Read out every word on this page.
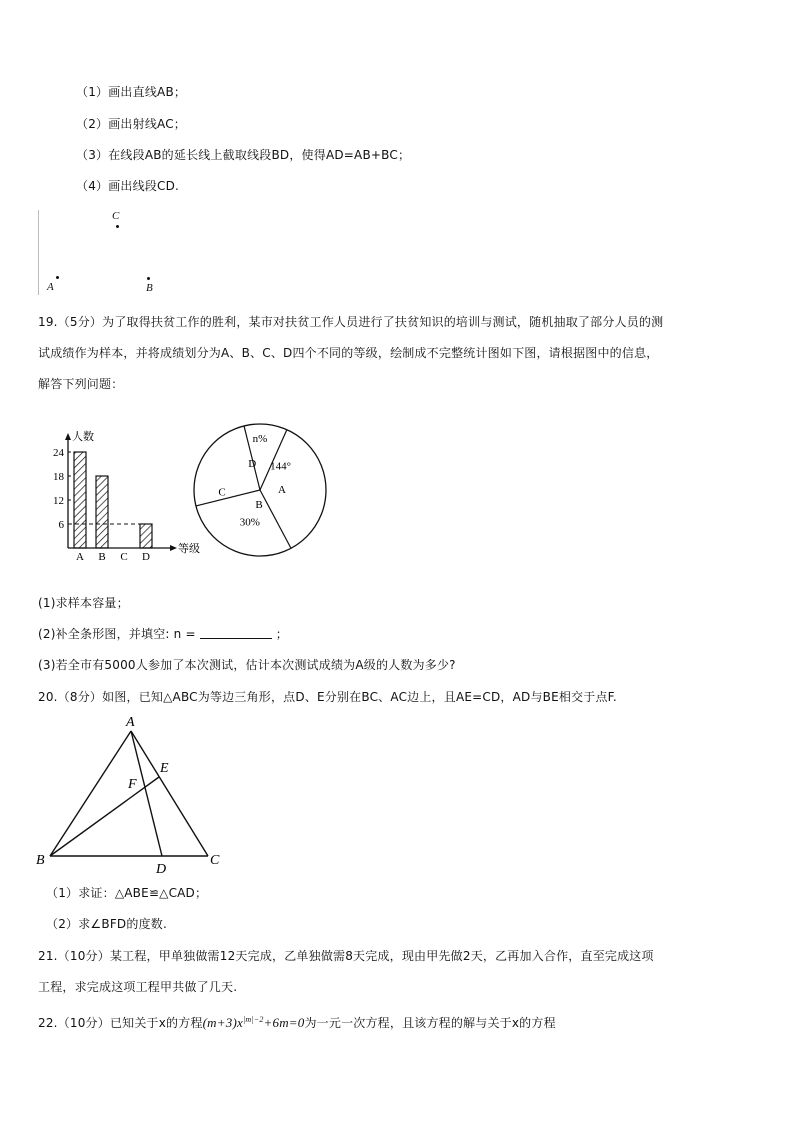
（1）画出直线AB；
（2）画出射线AC；
（3）在线段AB的延长线上截取线段BD，使得AD=AB+BC；
（4）画出线段CD.
C
A	B
19.（5分）为了取得扶贫工作的胜利，某市对扶贫工作人员进行了扶贫知识的培训与测试，随机抽取了部分人员的测
试成绩作为样本，并将成绩划分为A、B、C、D四个不同的等级，绘制成不完整统计图如下图，请根据图中的信息，
解答下列问题：
人数
等级
6
12
18
24
A B C D
A
144°
B
30%
C
D
n%
(1)求样本容量；
(2)补全条形图，并填空: n =	；
(3)若全市有5000人参加了本次测试，估计本次测试成绩为A级的人数为多少?
20.（8分）如图，已知△ABC为等边三角形，点D、E分别在BC、AC边上，且AE=CD，AD与BE相交于点F.
A
B	C
D
E
F
（1）求证：△ABE≌△CAD；
（2）求∠BFD的度数.
21.（10分）某工程，甲单独做需12天完成，乙单独做需8天完成，现由甲先做2天，乙再加入合作，直至完成这项
工程，求完成这项工程甲共做了几天.
22.（10分）已知关于x的方程$(m+3)x^{|m|-2}+6m=0$为一元一次方程，且该方程的解与关于x的方程
